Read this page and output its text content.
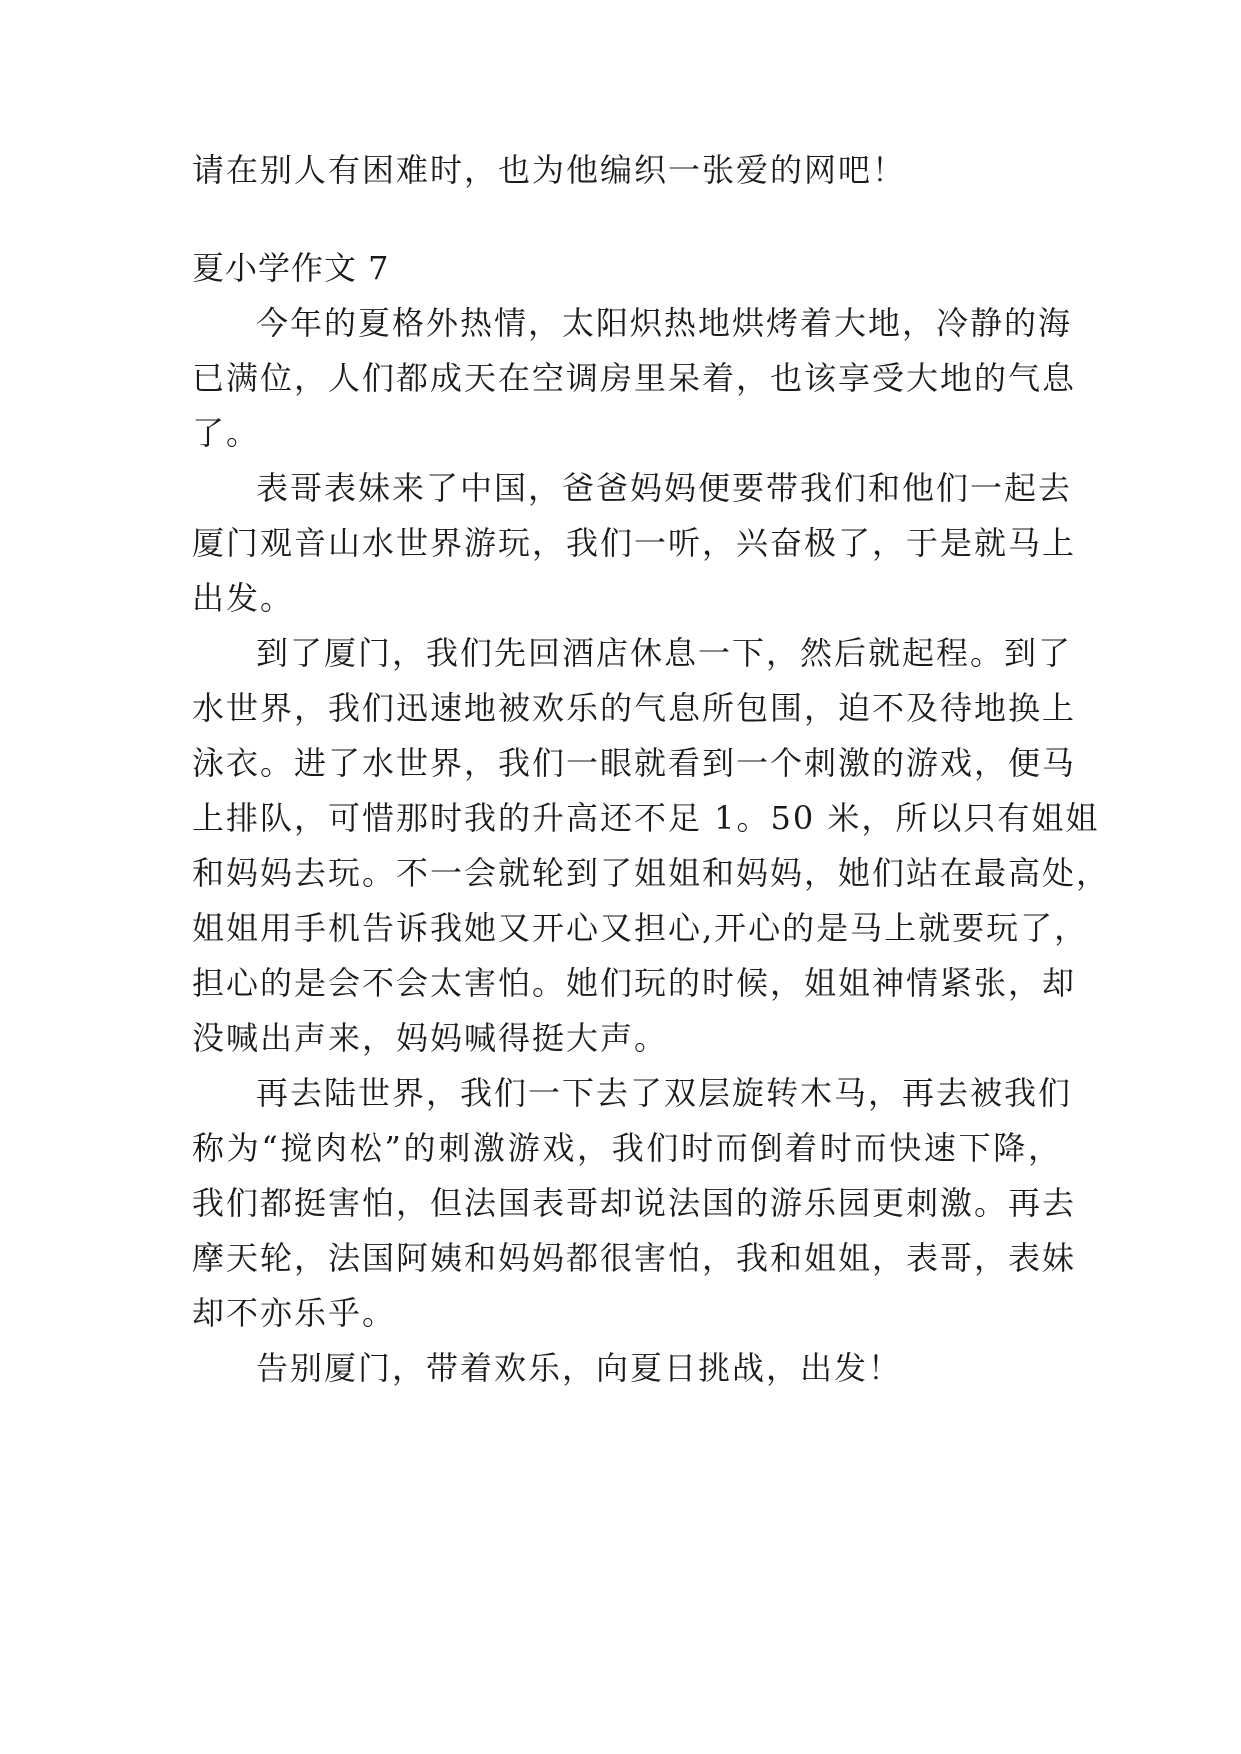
请在别人有困难时，也为他编织一张爱的网吧！
夏小学作文 7
今年的夏格外热情，太阳炽热地烘烤着大地，冷静的海
已满位，人们都成天在空调房里呆着，也该享受大地的气息
了。
表哥表妹来了中国，爸爸妈妈便要带我们和他们一起去
厦门观音山水世界游玩，我们一听，兴奋极了，于是就马上
出发。
到了厦门，我们先回酒店休息一下，然后就起程。到了
水世界，我们迅速地被欢乐的气息所包围，迫不及待地换上
泳衣。进了水世界，我们一眼就看到一个刺激的游戏，便马
上排队，可惜那时我的升高还不足 1。50 米，所以只有姐姐
和妈妈去玩。不一会就轮到了姐姐和妈妈，她们站在最高处，
姐姐用手机告诉我她又开心又担心,开心的是马上就要玩了，
担心的是会不会太害怕。她们玩的时候，姐姐神情紧张，却
没喊出声来，妈妈喊得挺大声。
再去陆世界，我们一下去了双层旋转木马，再去被我们
称为“搅肉松”的刺激游戏，我们时而倒着时而快速下降，
我们都挺害怕，但法国表哥却说法国的游乐园更刺激。再去
摩天轮，法国阿姨和妈妈都很害怕，我和姐姐，表哥，表妹
却不亦乐乎。
告别厦门，带着欢乐，向夏日挑战，出发！
